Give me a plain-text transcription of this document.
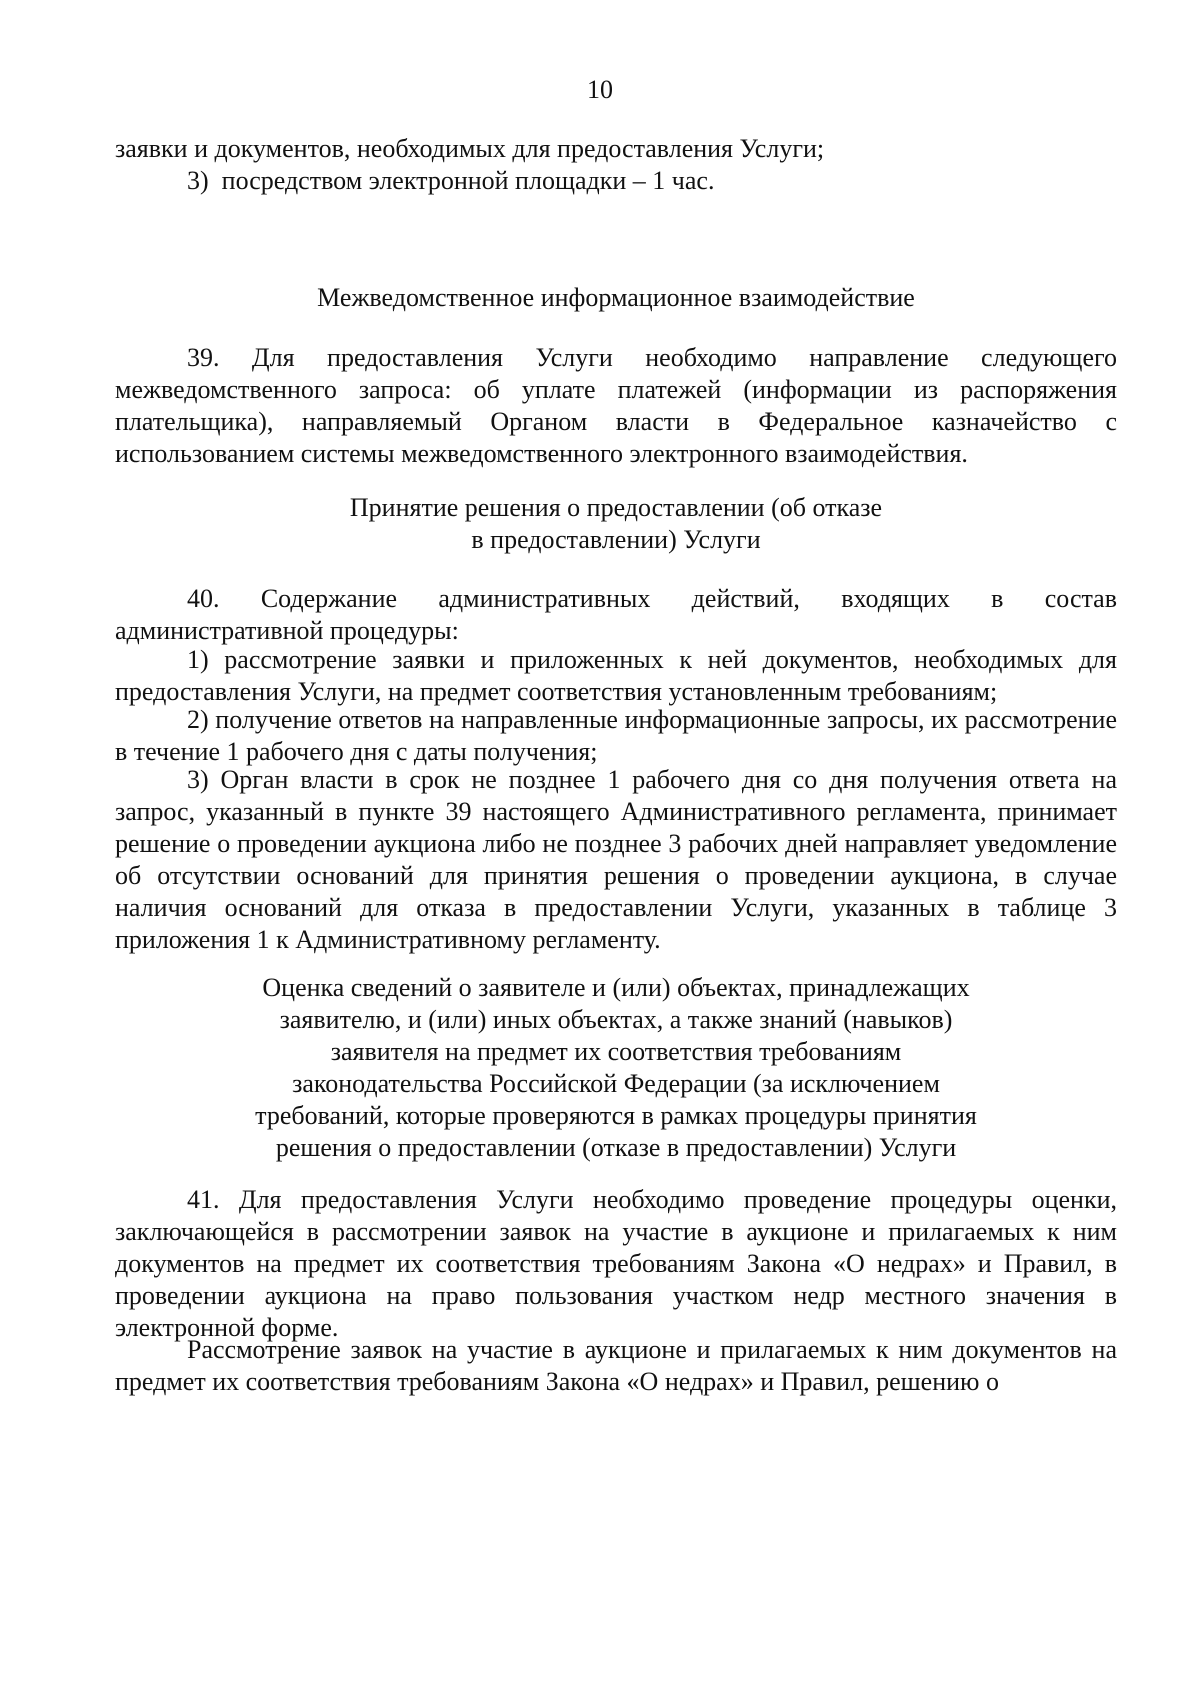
10

заявки и документов, необходимых для предоставления Услуги;

3)  посредством электронной площадки – 1 час.

Межведомственное информационное взаимодействие

39. Для предоставления Услуги необходимо направление следующего межведомственного запроса: об уплате платежей (информации из распоряжения плательщика), направляемый Органом власти в Федеральное казначейство с использованием системы межведомственного электронного взаимодействия.

Принятие решения о предоставлении (об отказе
в предоставлении) Услуги

40. Содержание административных действий, входящих в состав административной процедуры:

1) рассмотрение заявки и приложенных к ней документов, необходимых для предоставления Услуги, на предмет соответствия установленным требованиям;

2) получение ответов на направленные информационные запросы, их рассмотрение в течение 1 рабочего дня с даты получения;

3) Орган власти в срок не позднее 1 рабочего дня со дня получения ответа на запрос, указанный в пункте 39 настоящего Административного регламента, принимает решение о проведении аукциона либо не позднее 3 рабочих дней направляет уведомление об отсутствии оснований для принятия решения о проведении аукциона, в случае наличия оснований для отказа в предоставлении Услуги, указанных в таблице 3 приложения 1 к Административному регламенту.

Оценка сведений о заявителе и (или) объектах, принадлежащих
заявителю, и (или) иных объектах, а также знаний (навыков)
заявителя на предмет их соответствия требованиям
законодательства Российской Федерации (за исключением
требований, которые проверяются в рамках процедуры принятия
решения о предоставлении (отказе в предоставлении) Услуги

41. Для предоставления Услуги необходимо проведение процедуры оценки, заключающейся в рассмотрении заявок на участие в аукционе и прилагаемых к ним документов на предмет их соответствия требованиям Закона «О недрах» и Правил, в проведении аукциона на право пользования участком недр местного значения в электронной форме.

Рассмотрение заявок на участие в аукционе и прилагаемых к ним документов на предмет их соответствия требованиям Закона «О недрах» и Правил, решению о
